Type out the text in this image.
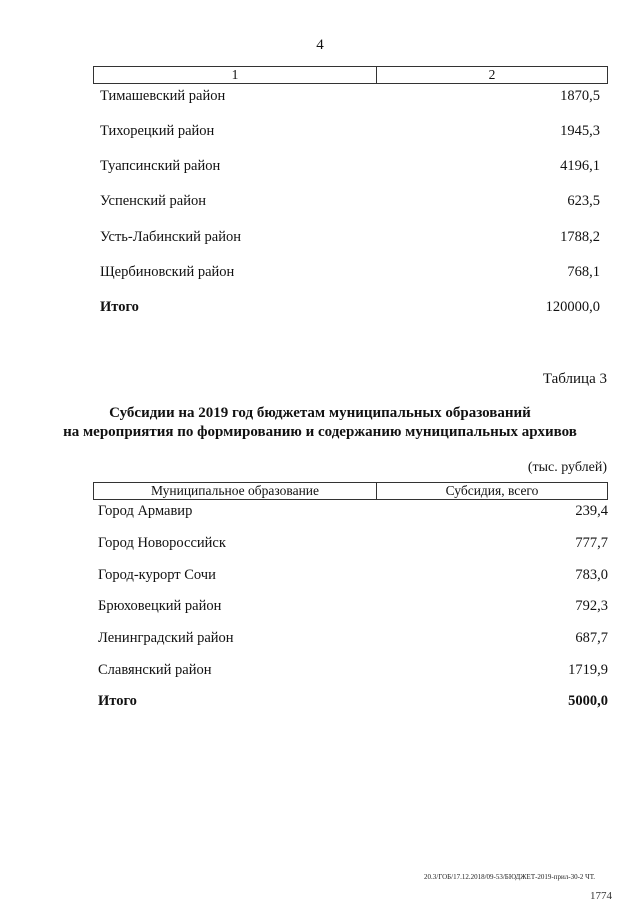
4
1	2
Тимашевский район	1870,5
Тихорецкий район	1945,3
Туапсинский район	4196,1
Успенский район	623,5
Усть-Лабинский район	1788,2
Щербиновский район	768,1
Итого	120000,0
Таблица 3
Субсидии на 2019 год бюджетам муниципальных образований
на мероприятия по формированию и содержанию муниципальных архивов
(тыс. рублей)
Муниципальное образование	Субсидия, всего
Город Армавир	239,4
Город Новороссийск	777,7
Город-курорт Сочи	783,0
Брюховецкий район	792,3
Ленинградский район	687,7
Славянский район	1719,9
Итого	5000,0
20.3/ГОБ/17.12.2018/09-53/БЮДЖЕТ-2019-прил-30-2 ЧТ.
1774
